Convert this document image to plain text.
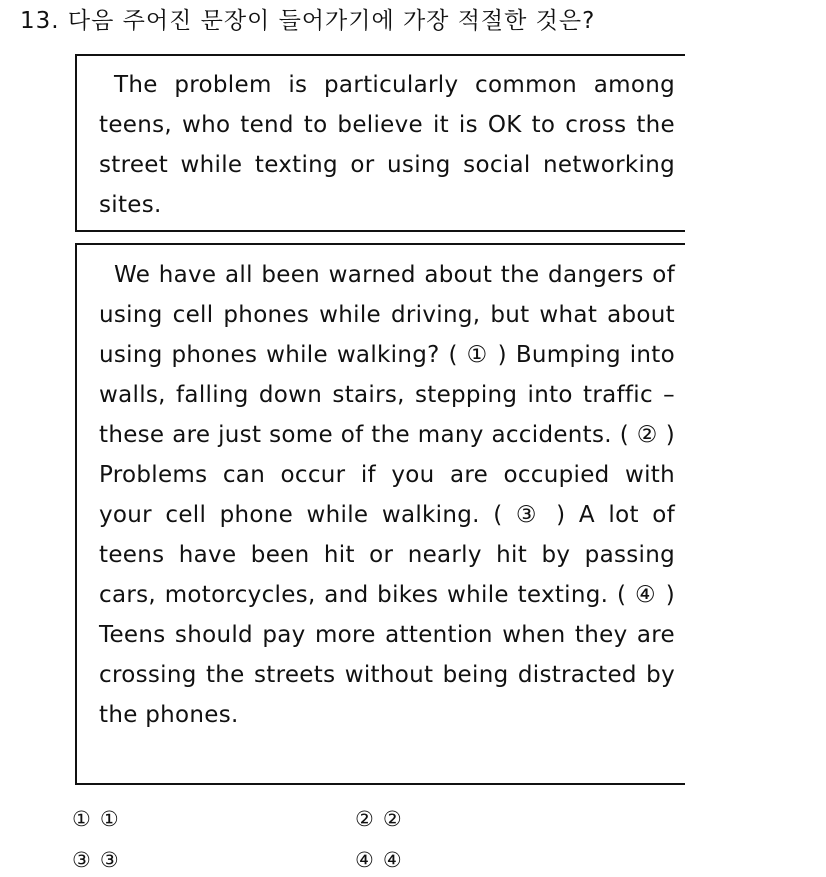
13. 다음 주어진 문장이 들어가기에 가장 적절한 것은?

The problem is particularly common among teens, who tend to believe it is OK to cross the street while texting or using social networking sites.

We have all been warned about the dangers of using cell phones while driving, but what about using phones while walking? ( ① ) Bumping into walls, falling down stairs, stepping into traffic – these are just some of the many accidents. ( ② ) Problems can occur if you are occupied with your cell phone while walking. ( ③ ) A lot of teens have been hit or nearly hit by passing cars, motorcycles, and bikes while texting. ( ④ ) Teens should pay more attention when they are crossing the streets without being distracted by the phones.

① ①	② ②
③ ③	④ ④
